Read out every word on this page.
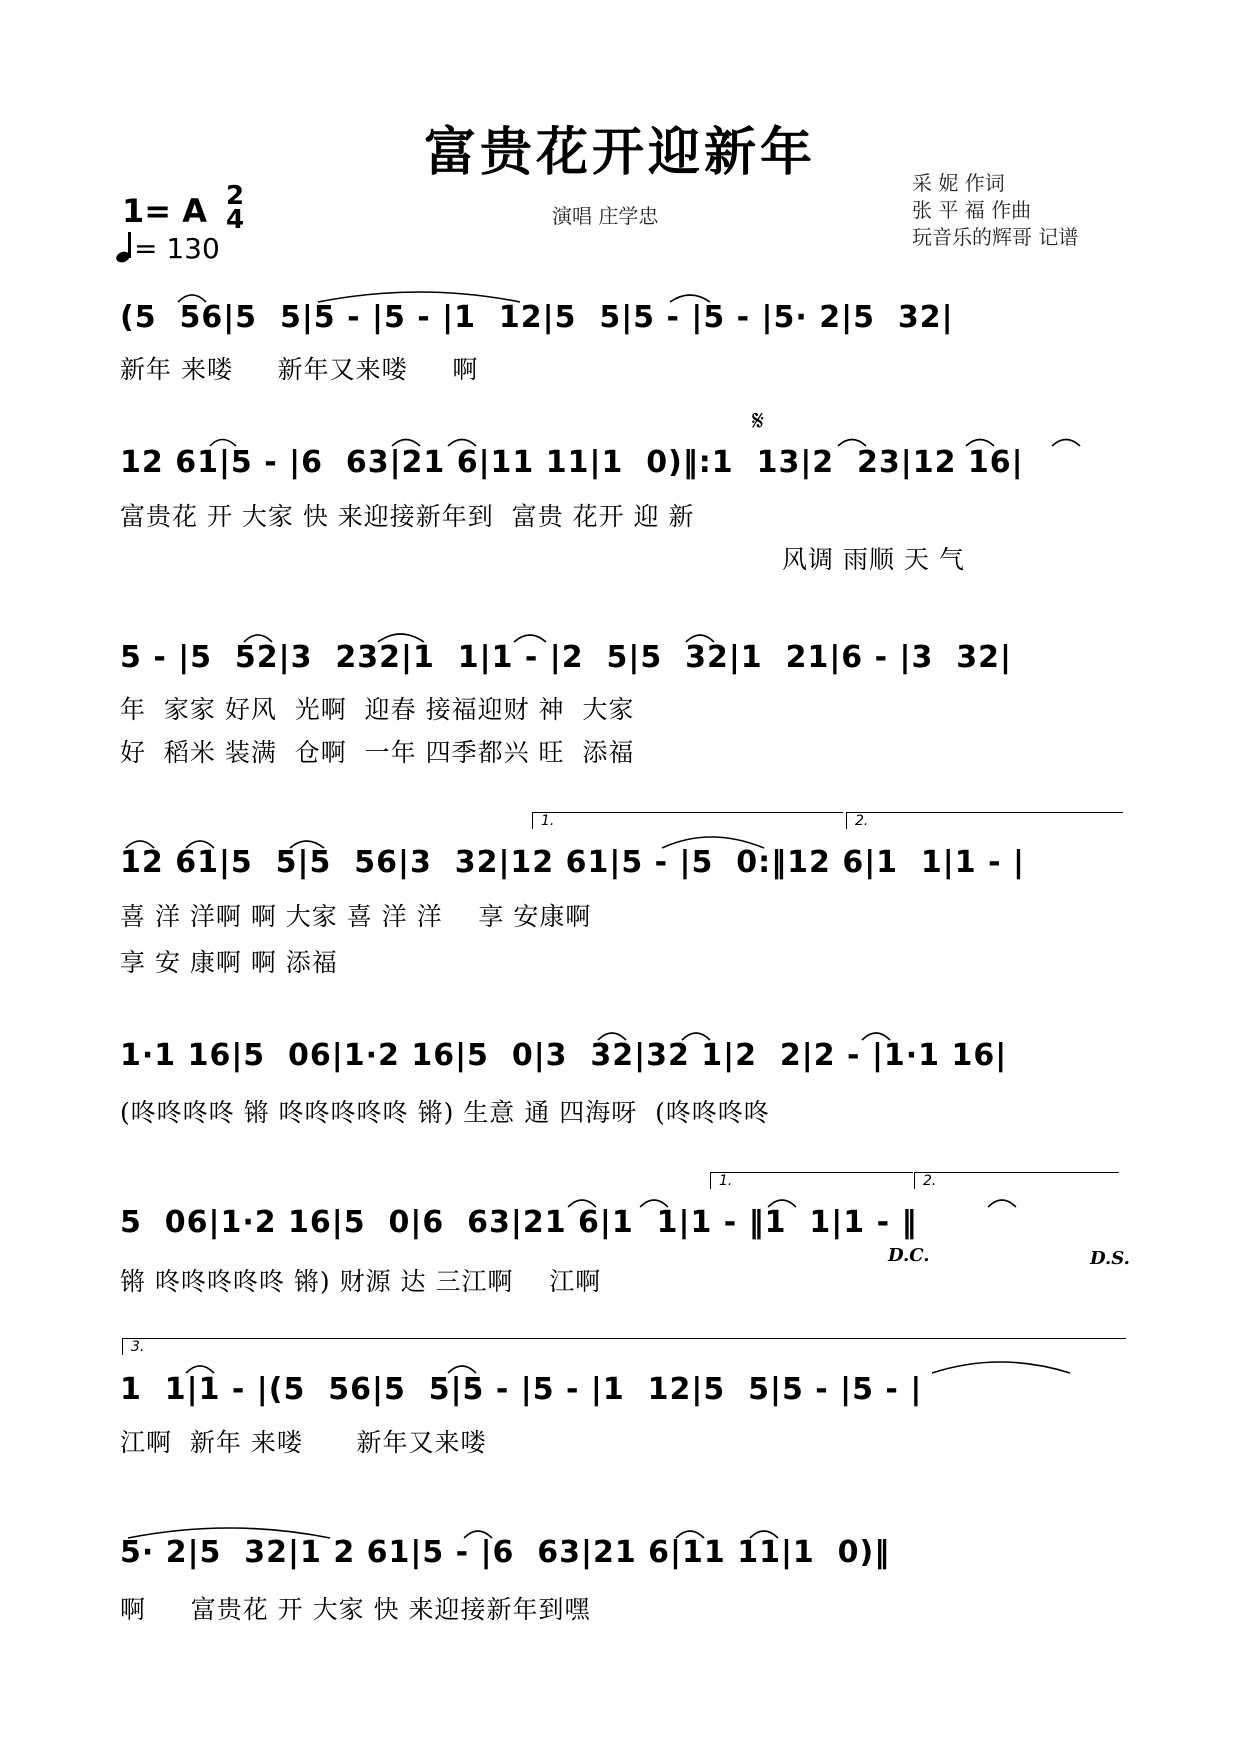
富贵花开迎新年
1= A 2
4
= 130
演唱 庄学忠
采 妮 作词
张 平 福 作曲
玩音乐的辉哥 记谱
(5  56|5  5|5 - |5 - |1  12|5  5|5 - |5 - |5· 2|5  32|
新年 来喽     新年又来喽     啊
𝄋
12 61|5 - |6  63|21 6|11 11|1  0)‖:1  13|2  23|12 16|
富贵花 开 大家 快 来迎接新年到  富贵 花开 迎 新
风调 雨顺 天 气
5 - |5  52|3  232|1  1|1 - |2  5|5  32|1  21|6 - |3  32|
年  家家 好风  光啊  迎春 接福迎财 神  大家
好  稻米 装满  仓啊  一年 四季都兴 旺  添福
1.	2.
12 61|5  5|5  56|3  32|12 61|5 - |5  0:‖12 6|1  1|1 - |
喜 洋 洋啊 啊 大家 喜 洋 洋    享 安康啊
享 安 康啊 啊 添福
1·1 16|5  06|1·2 16|5  0|3  32|32 1|2  2|2 - |1·1 16|
(咚咚咚咚 锵 咚咚咚咚咚 锵) 生意 通 四海呀  (咚咚咚咚
1.	2.
5  06|1·2 16|5  0|6  63|21 6|1  1|1 - ‖1  1|1 - ‖
D.C.	D.S.
锵 咚咚咚咚咚 锵) 财源 达 三江啊    江啊
3.
1  1|1 - |(5  56|5  5|5 - |5 - |1  12|5  5|5 - |5 - |
江啊  新年 来喽      新年又来喽
5· 2|5  32|1 2 61|5 - |6  63|21 6|11 11|1  0)‖
啊     富贵花 开 大家 快 来迎接新年到嘿
